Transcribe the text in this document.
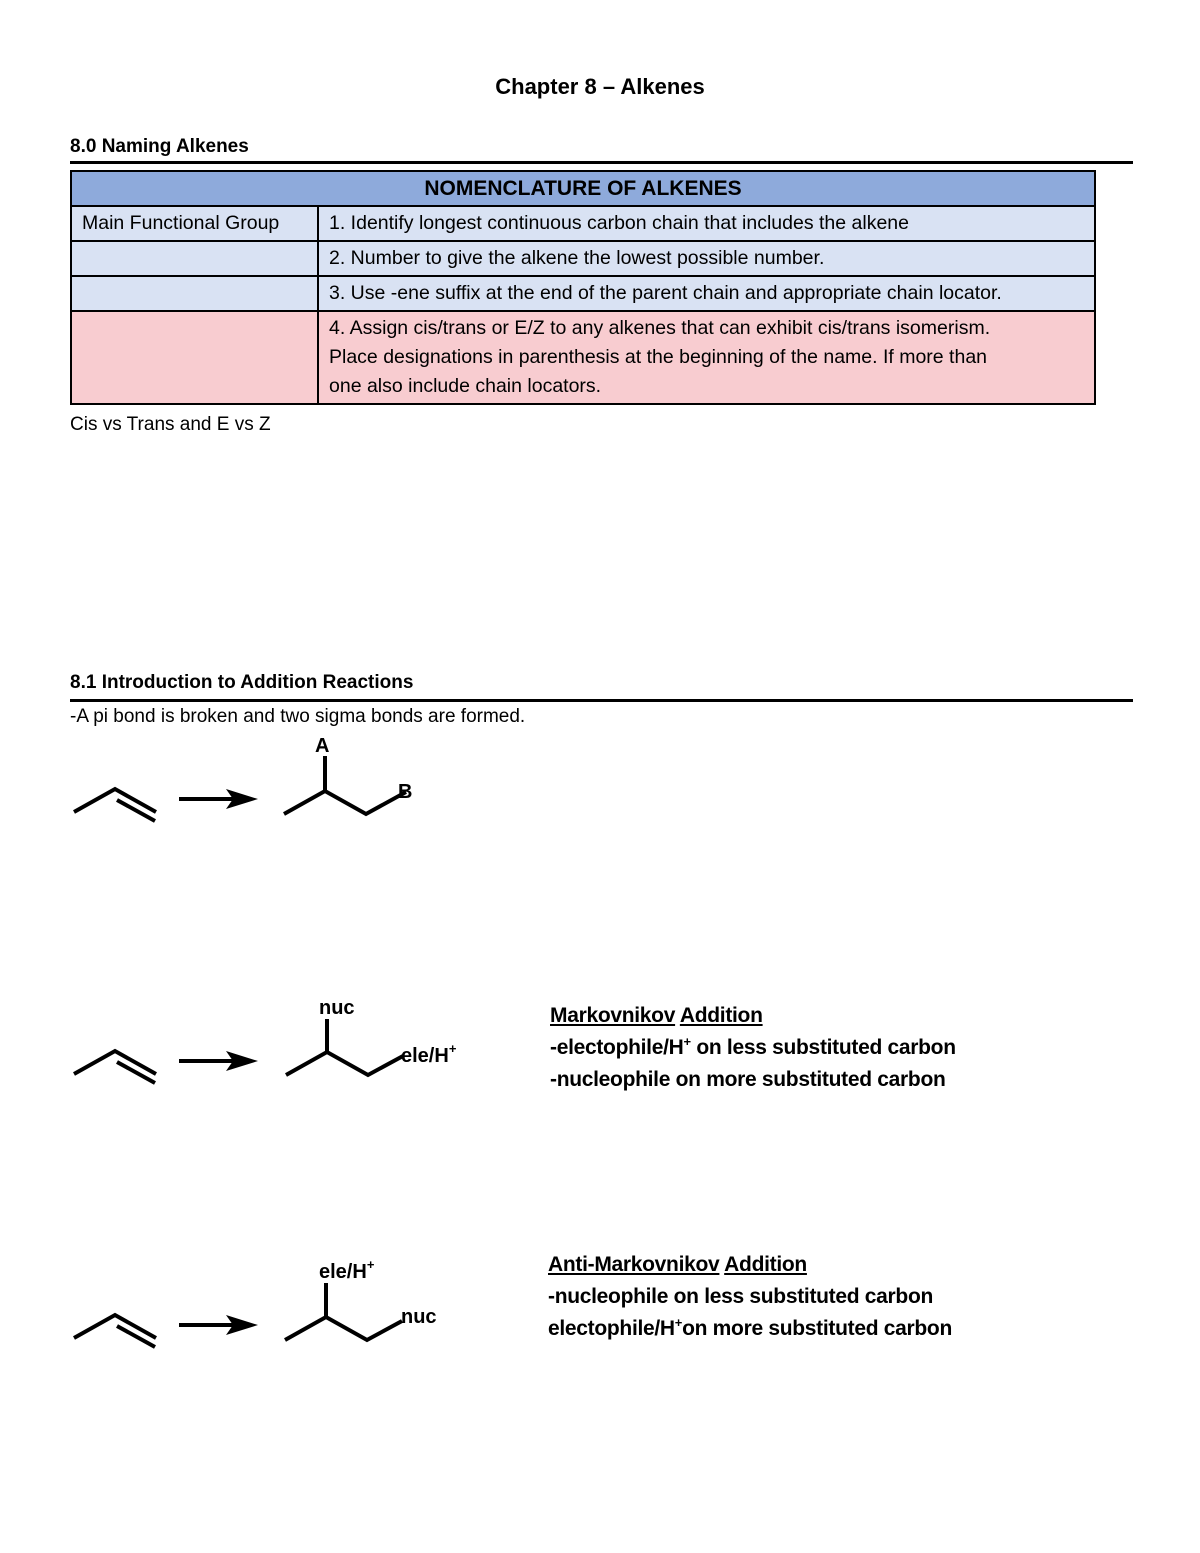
Chapter 8 – Alkenes
8.0 Naming Alkenes
NOMENCLATURE OF ALKENES	
Main Functional Group	1. Identify longest continuous carbon chain that includes the alkene
	2. Number to give the alkene the lowest possible number.
	3. Use -ene suffix at the end of the parent chain and appropriate chain locator.

	4. Assign cis/trans or E/Z to any alkenes that can exhibit cis/trans isomerism.
Place designations in parenthesis at the beginning of the name. If more than
one also include chain locators.
Cis vs Trans and E vs Z
8.1 Introduction to Addition Reactions
-A pi bond is broken and two sigma bonds are formed.
A
B
nuc
ele/H+
ele/H+
nuc
Markovnikov Addition
-electophile/H+ on less substituted carbon
-nucleophile on more substituted carbon
Anti-Markovnikov Addition
-nucleophile on less substituted carbon
electophile/H+on more substituted carbon
